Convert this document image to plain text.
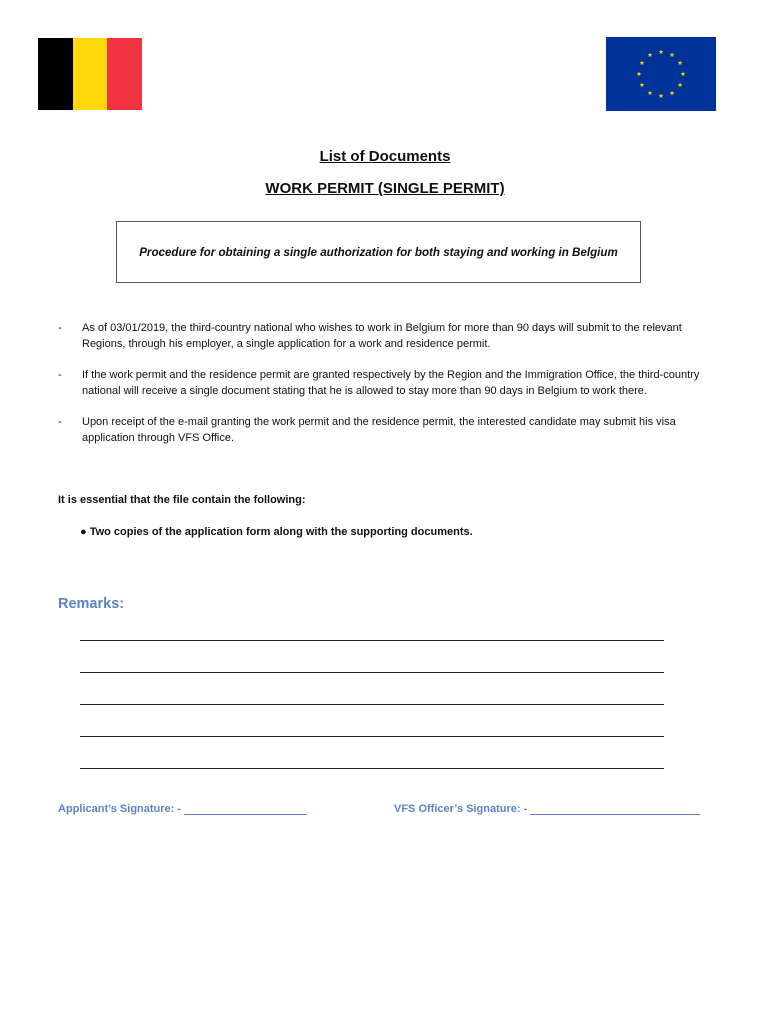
List of Documents
WORK PERMIT (SINGLE PERMIT)
Procedure for obtaining a single authorization for both staying and working in Belgium
-	As of 03/01/2019, the third-country national who wishes to work in Belgium for more than 90 days will submit to the relevant Regions, through his employer, a single application for a work and residence permit.
-	If the work permit and the residence permit are granted respectively by the Region and the Immigration Office, the third-country national will receive a single document stating that he is allowed to stay more than 90 days in Belgium to work there.
-	Upon receipt of the e-mail granting the work permit and the residence permit, the interested candidate may submit his visa application through VFS Office.
It is essential that the file contain the following:
● Two copies of the application form along with the supporting documents.
Remarks:
Applicant’s Signature: -	VFS Officer’s Signature: -
